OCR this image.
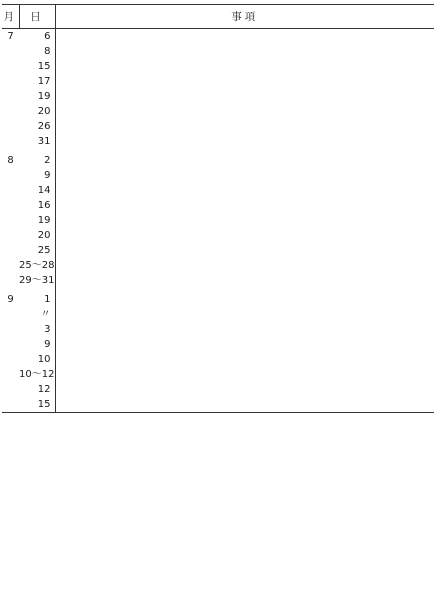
月	日	事項
7	6	
	8	
	15	
	17	
	19	
	20	
	26	
	31	
8	2	
	9	
	14	
	16	
	19	
	20	
	25	
	25～28	
	29～31	
9	1	
	〃	
	3	
	9	
	10	
	10～12	
	12	
	15	
